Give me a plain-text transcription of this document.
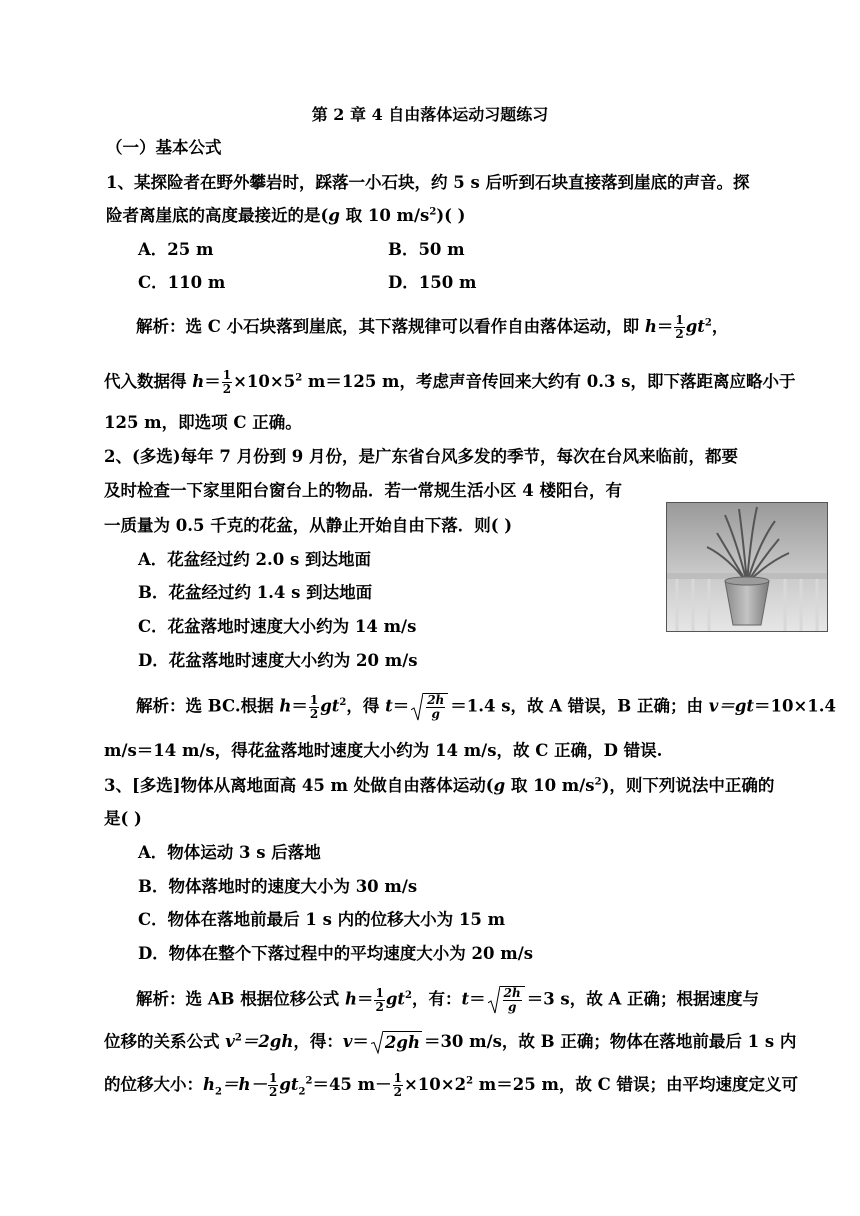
第 2 章 4 自由落体运动习题练习
（一）基本公式
1、某探险者在野外攀岩时，踩落一小石块，约 5 s 后听到石块直接落到崖底的声音。探
险者离崖底的高度最接近的是(g 取 10 $m/s^2$)( )
A．25 m	B．50 m
C．110 m	D．150 m
解析：选 C 小石块落到崖底，其下落规律可以看作自由落体运动，即 $h= \frac{1}{2} gt^2$，
代入数据得 $h= \frac{1}{2} \times 10\times 5^2$ m＝125 m，考虑声音传回来大约有 0.3 s，即下落距离应略小于
125 m，即选项 C 正确。
2、(多选)每年 7 月份到 9 月份，是广东省台风多发的季节，每次在台风来临前，都要
及时检查一下家里阳台窗台上的物品．若一常规生活小区 4 楼阳台，有
一质量为 0.5 千克的花盆，从静止开始自由下落．则( )
A．花盆经过约 2.0 s 到达地面
B．花盆经过约 1.4 s 到达地面
C．花盆落地时速度大小约为 14 m/s
D．花盆落地时速度大小约为 20 m/s
解析：选 BC.根据 $h= \frac{1}{2} gt^2$，得 $t= \frac{2h}{g} =1.4$ s，故 A 错误，B 正确；由 v＝gt＝10×1.4
m/s＝14 m/s，得花盆落地时速度大小约为 14 m/s，故 C 正确，D 错误.
3、[多选]物体从离地面高 45 m 处做自由落体运动(g 取 10 $m/s^2$)，则下列说法中正确的
是( )
A．物体运动 3 s 后落地
B．物体落地时的速度大小为 30 m/s
C．物体在落地前最后 1 s 内的位移大小为 15 m
D．物体在整个下落过程中的平均速度大小为 20 m/s
解析：选 AB 根据位移公式 $h= \frac{1}{2} gt^2$，有：$t= \frac{2h}{g} =3$ s，故 A 正确；根据速度与
位移的关系公式 $v^2=2gh$，得：v＝ 2gh ＝30 m/s，故 B 正确；物体在落地前最后 1 s 内
的位移大小：$h_2=h- \frac{1}{2} gt_2^2=45$ $m- \frac{1}{2} \times 10\times 2^2$ m＝25 m，故 C 错误；由平均速度定义可
